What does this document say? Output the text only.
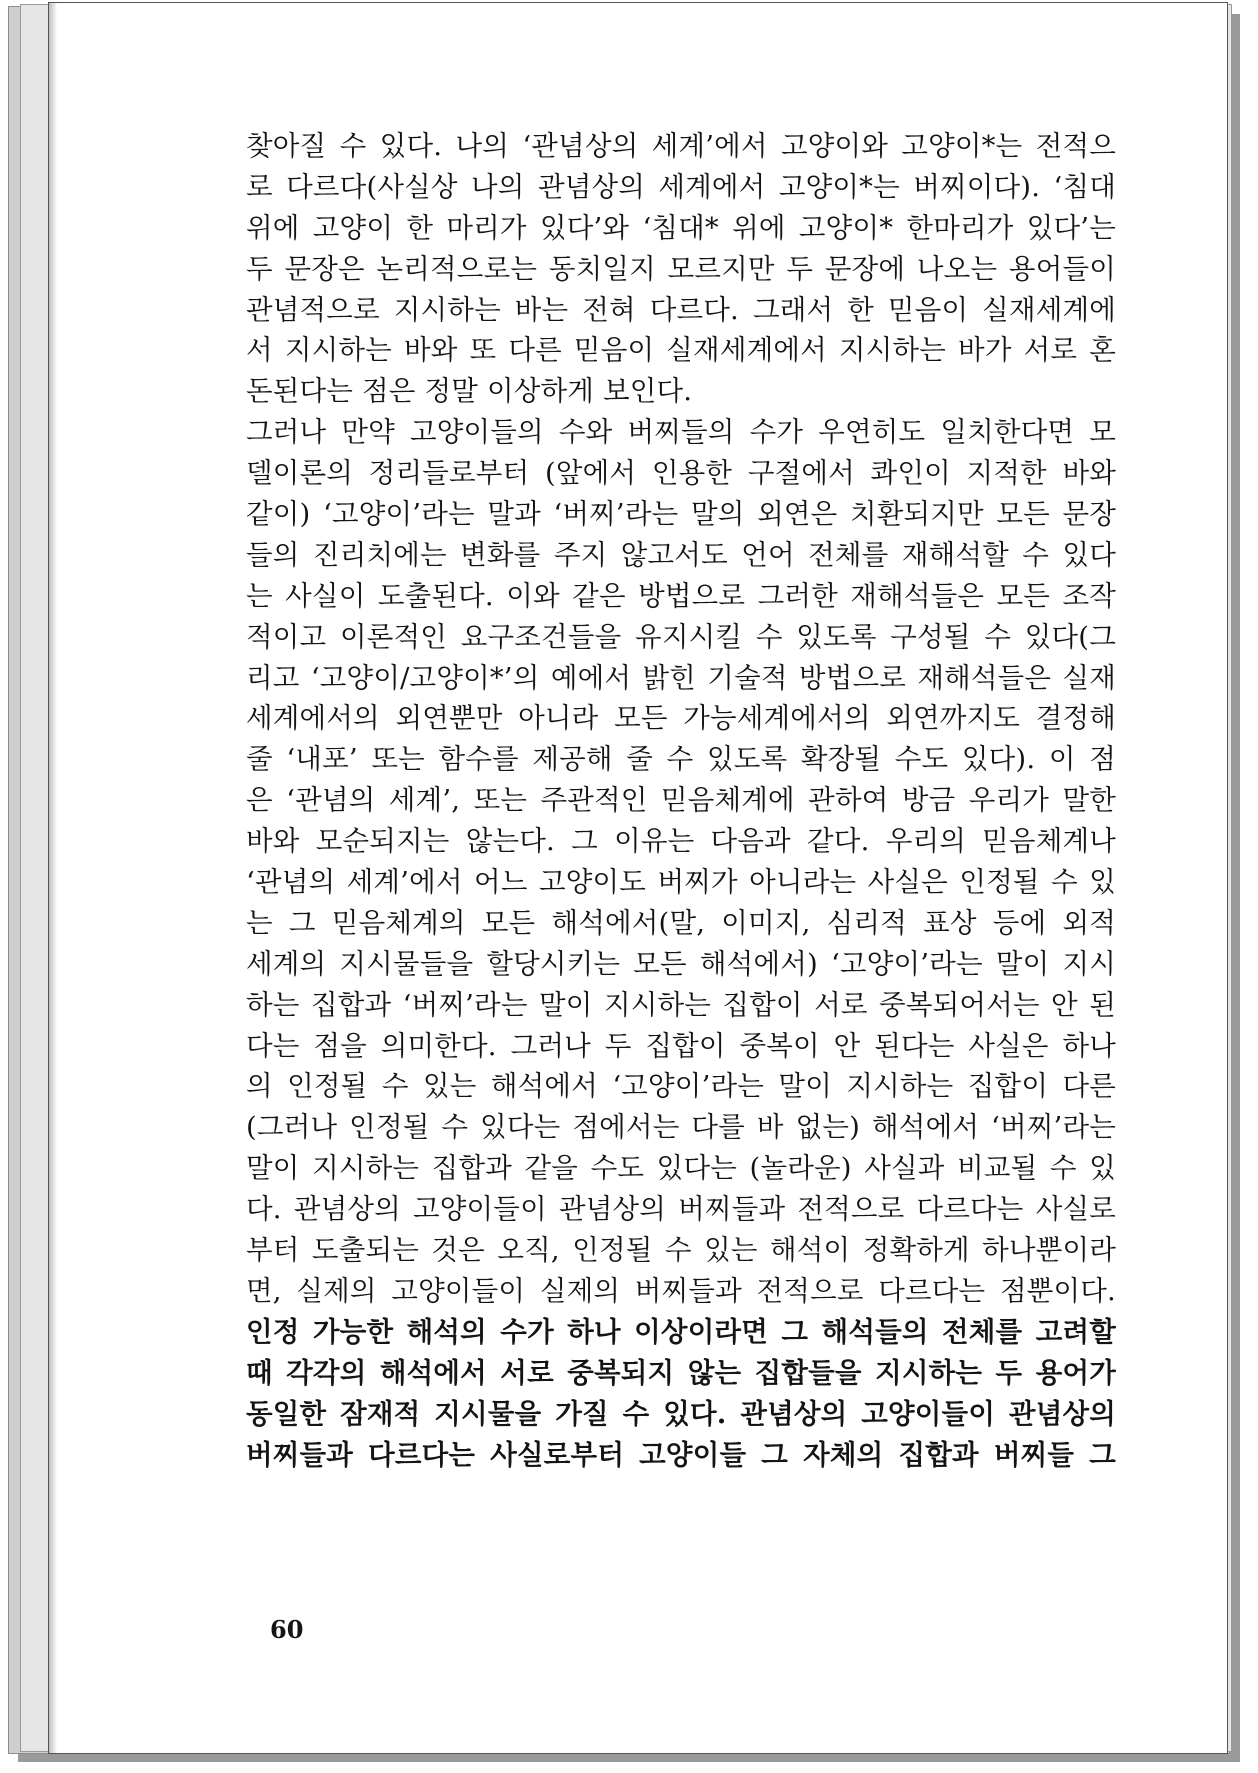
찾아질 수 있다. 나의 ‘관념상의 세계’에서 고양이와 고양이*는 전적으
로 다르다(사실상 나의 관념상의 세계에서 고양이*는 버찌이다). ‘침대
위에 고양이 한 마리가 있다’와 ‘침대* 위에 고양이* 한마리가 있다’는
두 문장은 논리적으로는 동치일지 모르지만 두 문장에 나오는 용어들이
관념적으로 지시하는 바는 전혀 다르다. 그래서 한 믿음이 실재세계에
서 지시하는 바와 또 다른 믿음이 실재세계에서 지시하는 바가 서로 혼
돈된다는 점은 정말 이상하게 보인다.
그러나 만약 고양이들의 수와 버찌들의 수가 우연히도 일치한다면 모
델이론의 정리들로부터 (앞에서 인용한 구절에서 콰인이 지적한 바와
같이) ‘고양이’라는 말과 ‘버찌’라는 말의 외연은 치환되지만 모든 문장
들의 진리치에는 변화를 주지 않고서도 언어 전체를 재해석할 수 있다
는 사실이 도출된다. 이와 같은 방법으로 그러한 재해석들은 모든 조작
적이고 이론적인 요구조건들을 유지시킬 수 있도록 구성될 수 있다(그
리고 ‘고양이/고양이*’의 예에서 밝힌 기술적 방법으로 재해석들은 실재
세계에서의 외연뿐만 아니라 모든 가능세계에서의 외연까지도 결정해
줄 ‘내포’ 또는 함수를 제공해 줄 수 있도록 확장될 수도 있다). 이 점
은 ‘관념의 세계’, 또는 주관적인 믿음체계에 관하여 방금 우리가 말한
바와 모순되지는 않는다. 그 이유는 다음과 같다. 우리의 믿음체계나
‘관념의 세계’에서 어느 고양이도 버찌가 아니라는 사실은 인정될 수 있
는 그 믿음체계의 모든 해석에서(말, 이미지, 심리적 표상 등에 외적
세계의 지시물들을 할당시키는 모든 해석에서) ‘고양이’라는 말이 지시
하는 집합과 ‘버찌’라는 말이 지시하는 집합이 서로 중복되어서는 안 된
다는 점을 의미한다. 그러나 두 집합이 중복이 안 된다는 사실은 하나
의 인정될 수 있는 해석에서 ‘고양이’라는 말이 지시하는 집합이 다른
(그러나 인정될 수 있다는 점에서는 다를 바 없는) 해석에서 ‘버찌’라는
말이 지시하는 집합과 같을 수도 있다는 (놀라운) 사실과 비교될 수 있
다. 관념상의 고양이들이 관념상의 버찌들과 전적으로 다르다는 사실로
부터 도출되는 것은 오직, 인정될 수 있는 해석이 정확하게 하나뿐이라
면, 실제의 고양이들이 실제의 버찌들과 전적으로 다르다는 점뿐이다.
인정 가능한 해석의 수가 하나 이상이라면 그 해석들의 전체를 고려할
때 각각의 해석에서 서로 중복되지 않는 집합들을 지시하는 두 용어가
동일한 잠재적 지시물을 가질 수 있다. 관념상의 고양이들이 관념상의
버찌들과 다르다는 사실로부터 고양이들 그 자체의 집합과 버찌들 그
60
